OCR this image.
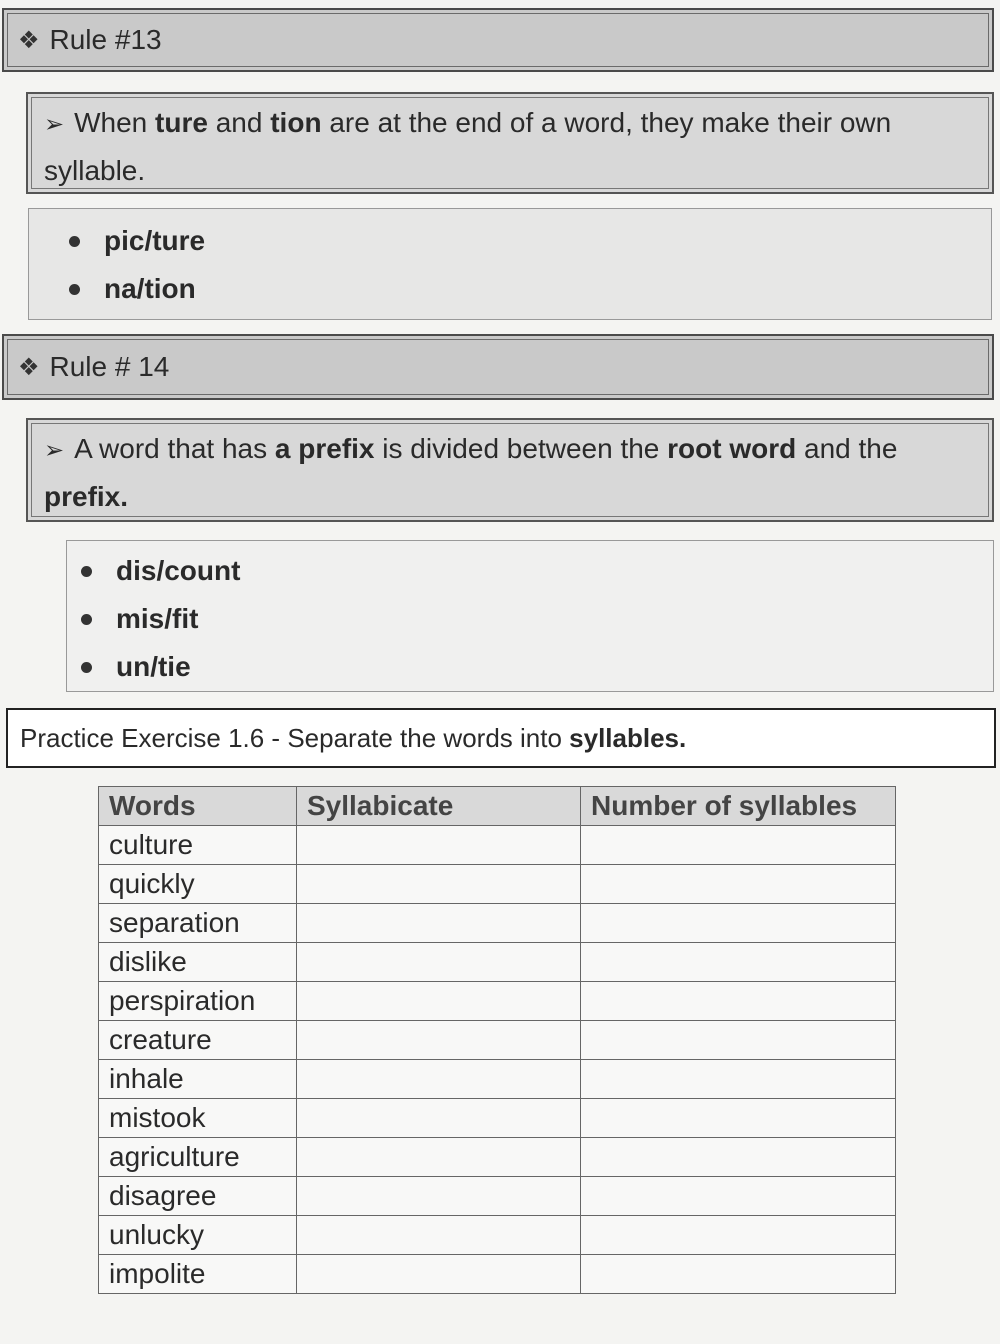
❖ Rule #13
➢ When ture and tion are at the end of a word, they make their own syllable.
pic/ture
na/tion
❖ Rule # 14
➢ A word that has a prefix is divided between the root word and the prefix.
dis/count
mis/fit
un/tie
Practice Exercise 1.6 - Separate the words into syllables.
Words	Syllabicate	Number of syllables
culture		
quickly		
separation		
dislike		
perspiration		
creature		
inhale		
mistook		
agriculture		
disagree		
unlucky		
impolite		
